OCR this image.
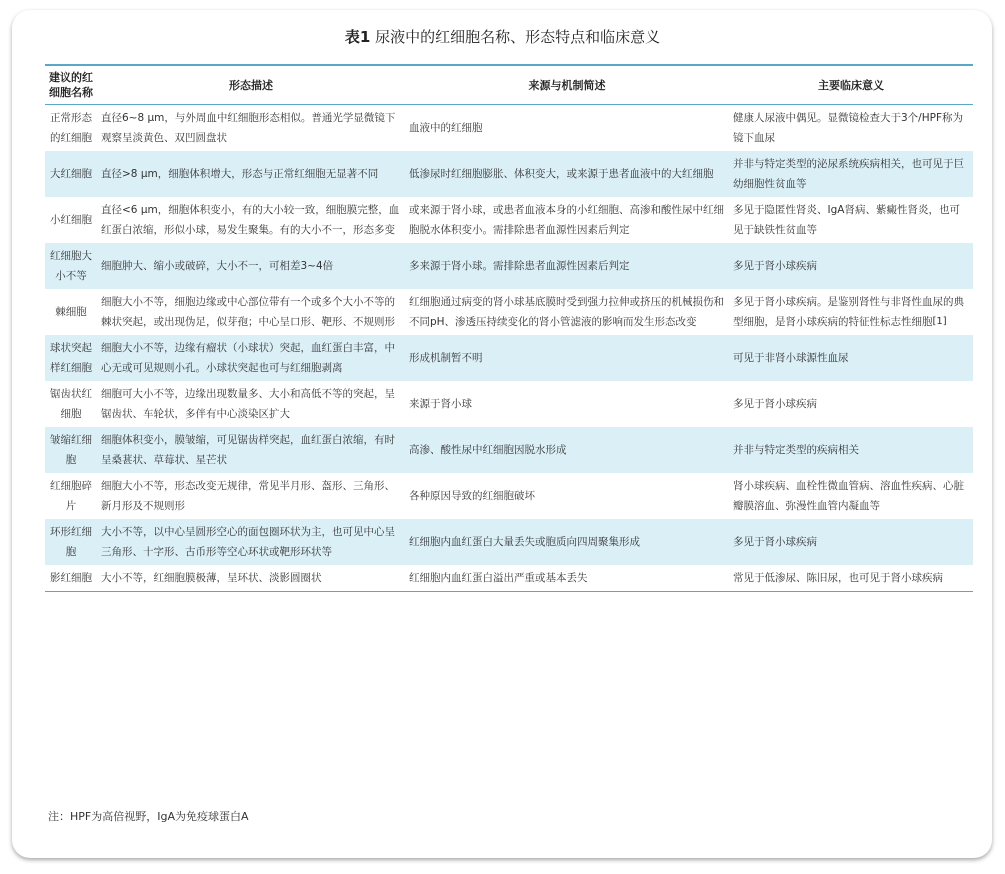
表1 尿液中的红细胞名称、形态特点和临床意义
建议的红细胞名称	形态描述	来源与机制简述	主要临床意义
正常形态的红细胞	直径6~8 μm，与外周血中红细胞形态相似。普通光学显微镜下观察呈淡黄色、双凹圆盘状	血液中的红细胞	健康人尿液中偶见。显微镜检查大于3个/HPF称为镜下血尿
大红细胞	直径>8 μm，细胞体积增大，形态与正常红细胞无显著不同	低渗尿时红细胞膨胀、体积变大，或来源于患者血液中的大红细胞	并非与特定类型的泌尿系统疾病相关，也可见于巨幼细胞性贫血等
小红细胞	直径<6 μm，细胞体积变小，有的大小较一致，细胞膜完整，血红蛋白浓缩，形似小球，易发生聚集。有的大小不一，形态多变	或来源于肾小球，或患者血液本身的小红细胞、高渗和酸性尿中红细胞脱水体积变小。需排除患者血源性因素后判定	多见于隐匿性肾炎、IgA肾病、紫癜性肾炎，也可见于缺铁性贫血等
红细胞大小不等	细胞肿大、缩小或破碎，大小不一，可相差3~4倍	多来源于肾小球。需排除患者血源性因素后判定	多见于肾小球疾病
棘细胞	细胞大小不等，细胞边缘或中心部位带有一个或多个大小不等的棘状突起，或出现伪足，似芽孢；中心呈口形、靶形、不规则形	红细胞通过病变的肾小球基底膜时受到强力拉伸或挤压的机械损伤和不同pH、渗透压持续变化的肾小管滤液的影响而发生形态改变	多见于肾小球疾病。是鉴别肾性与非肾性血尿的典型细胞，是肾小球疾病的特征性标志性细胞[1]
球状突起样红细胞	细胞大小不等，边缘有瘤状（小球状）突起，血红蛋白丰富，中心无或可见规则小孔。小球状突起也可与红细胞剥离	形成机制暂不明	可见于非肾小球源性血尿
锯齿状红细胞	细胞可大小不等，边缘出现数量多、大小和高低不等的突起，呈锯齿状、车轮状，多伴有中心淡染区扩大	来源于肾小球	多见于肾小球疾病
皱缩红细胞	细胞体积变小，膜皱缩，可见锯齿样突起，血红蛋白浓缩，有时呈桑葚状、草莓状、星芒状	高渗、酸性尿中红细胞因脱水形成	并非与特定类型的疾病相关
红细胞碎片	细胞大小不等，形态改变无规律，常见半月形、盔形、三角形、新月形及不规则形	各种原因导致的红细胞破坏	肾小球疾病、血栓性微血管病、溶血性疾病、心脏瓣膜溶血、弥漫性血管内凝血等
环形红细胞	大小不等，以中心呈圆形空心的面包圈环状为主，也可见中心呈三角形、十字形、古币形等空心环状或靶形环状等	红细胞内血红蛋白大量丢失或胞质向四周聚集形成	多见于肾小球疾病
影红细胞	大小不等，红细胞膜极薄，呈环状、淡影圆圈状	红细胞内血红蛋白溢出严重或基本丢失	常见于低渗尿、陈旧尿，也可见于肾小球疾病
注：HPF为高倍视野，IgA为免疫球蛋白A
